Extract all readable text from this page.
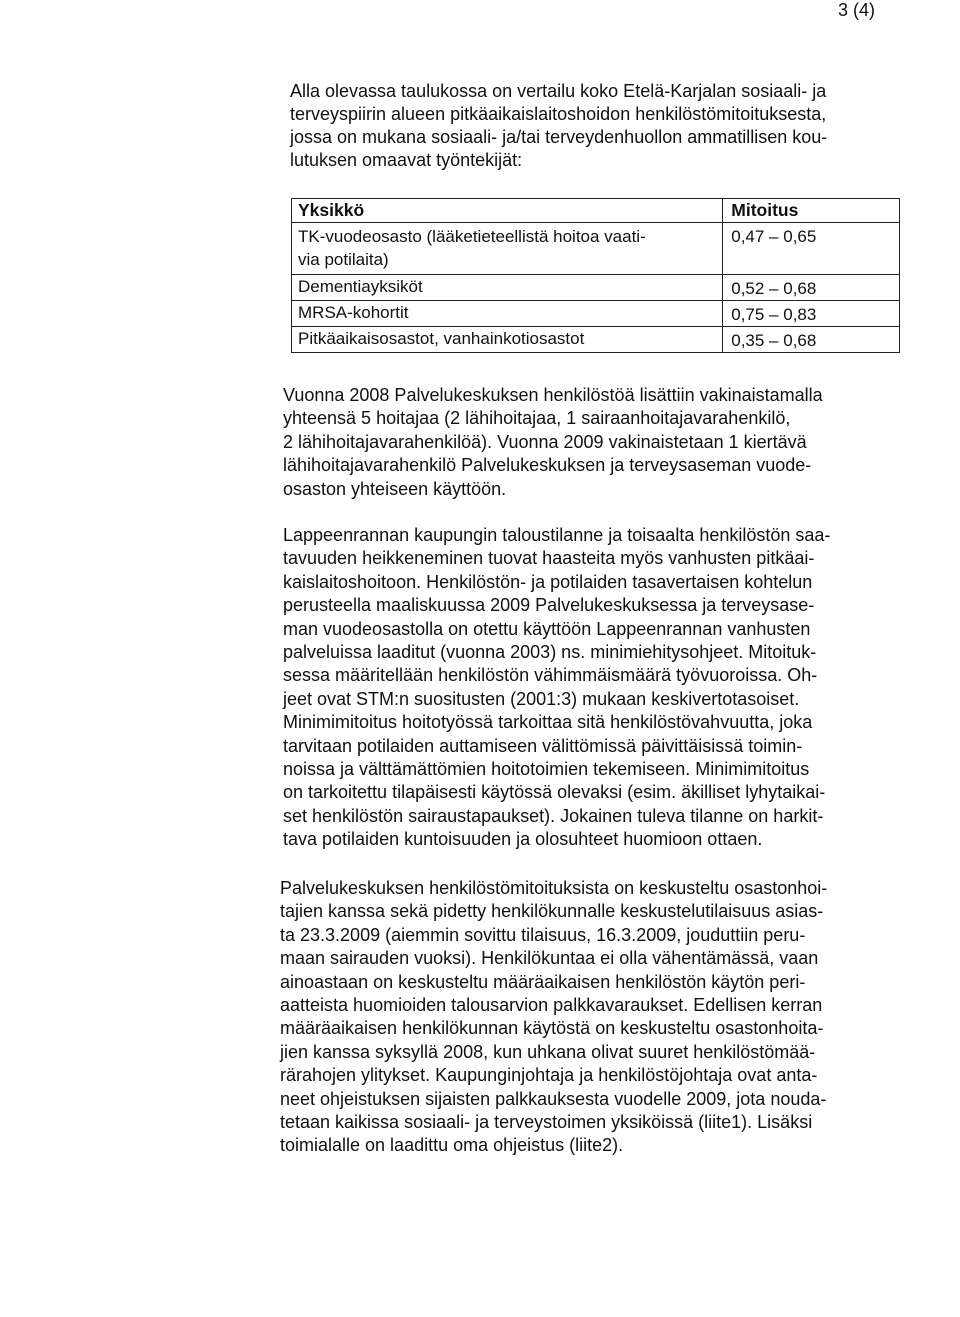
3 (4)

Alla olevassa taulukossa on vertailu koko Etelä-Karjalan sosiaali- ja
terveyspiirin alueen pitkäaikaislaitoshoidon henkilöstömitoituksesta,
jossa on mukana sosiaali- ja/tai terveydenhuollon ammatillisen kou-
lutuksen omaavat työntekijät:

Yksikkö	Mitoitus

TK-vuodeosasto (lääketieteellistä hoitoa vaati-
via potilaita)	0,47 – 0,65
Dementiayksiköt	0,52 – 0,68
MRSA-kohortit	0,75 – 0,83
Pitkäaikaisosastot, vanhainkotiosastot	0,35 – 0,68

Vuonna 2008 Palvelukeskuksen henkilöstöä lisättiin vakinaistamalla
yhteensä 5 hoitajaa (2 lähihoitajaa, 1 sairaanhoitajavarahenkilö,
2 lähihoitajavarahenkilöä). Vuonna 2009 vakinaistetaan 1 kiertävä
lähihoitajavarahenkilö Palvelukeskuksen ja terveysaseman vuode-
osaston yhteiseen käyttöön.

Lappeenrannan kaupungin taloustilanne ja toisaalta henkilöstön saa-
tavuuden heikkeneminen tuovat haasteita myös vanhusten pitkäai-
kaislaitoshoitoon. Henkilöstön- ja potilaiden tasavertaisen kohtelun
perusteella maaliskuussa 2009 Palvelukeskuksessa ja terveysase-
man vuodeosastolla on otettu käyttöön Lappeenrannan vanhusten
palveluissa laaditut (vuonna 2003) ns. minimiehitysohjeet. Mitoituk-
sessa määritellään henkilöstön vähimmäismäärä työvuoroissa. Oh-
jeet ovat STM:n suositusten (2001:3) mukaan keskivertotasoiset.
Minimimitoitus hoitotyössä tarkoittaa sitä henkilöstövahvuutta, joka
tarvitaan potilaiden auttamiseen välittömissä päivittäisissä toimin-
noissa ja välttämättömien hoitotoimien tekemiseen. Minimimitoitus
on tarkoitettu tilapäisesti käytössä olevaksi (esim. äkilliset lyhytaikai-
set henkilöstön sairaustapaukset). Jokainen tuleva tilanne on harkit-
tava potilaiden kuntoisuuden ja olosuhteet huomioon ottaen.

Palvelukeskuksen henkilöstömitoituksista on keskusteltu osastonhoi-
tajien kanssa sekä pidetty henkilökunnalle keskustelutilaisuus asias-
ta 23.3.2009 (aiemmin sovittu tilaisuus, 16.3.2009, jouduttiin peru-
maan sairauden vuoksi). Henkilökuntaa ei olla vähentämässä, vaan
ainoastaan on keskusteltu määräaikaisen henkilöstön käytön peri-
aatteista huomioiden talousarvion palkkavaraukset. Edellisen kerran
määräaikaisen henkilökunnan käytöstä on keskusteltu osastonhoita-
jien kanssa syksyllä 2008, kun uhkana olivat suuret henkilöstömää-
rärahojen ylitykset. Kaupunginjohtaja ja henkilöstöjohtaja ovat anta-
neet ohjeistuksen sijaisten palkkauksesta vuodelle 2009, jota nouda-
tetaan kaikissa sosiaali- ja terveystoimen yksiköissä (liite1). Lisäksi
toimialalle on laadittu oma ohjeistus (liite2).
